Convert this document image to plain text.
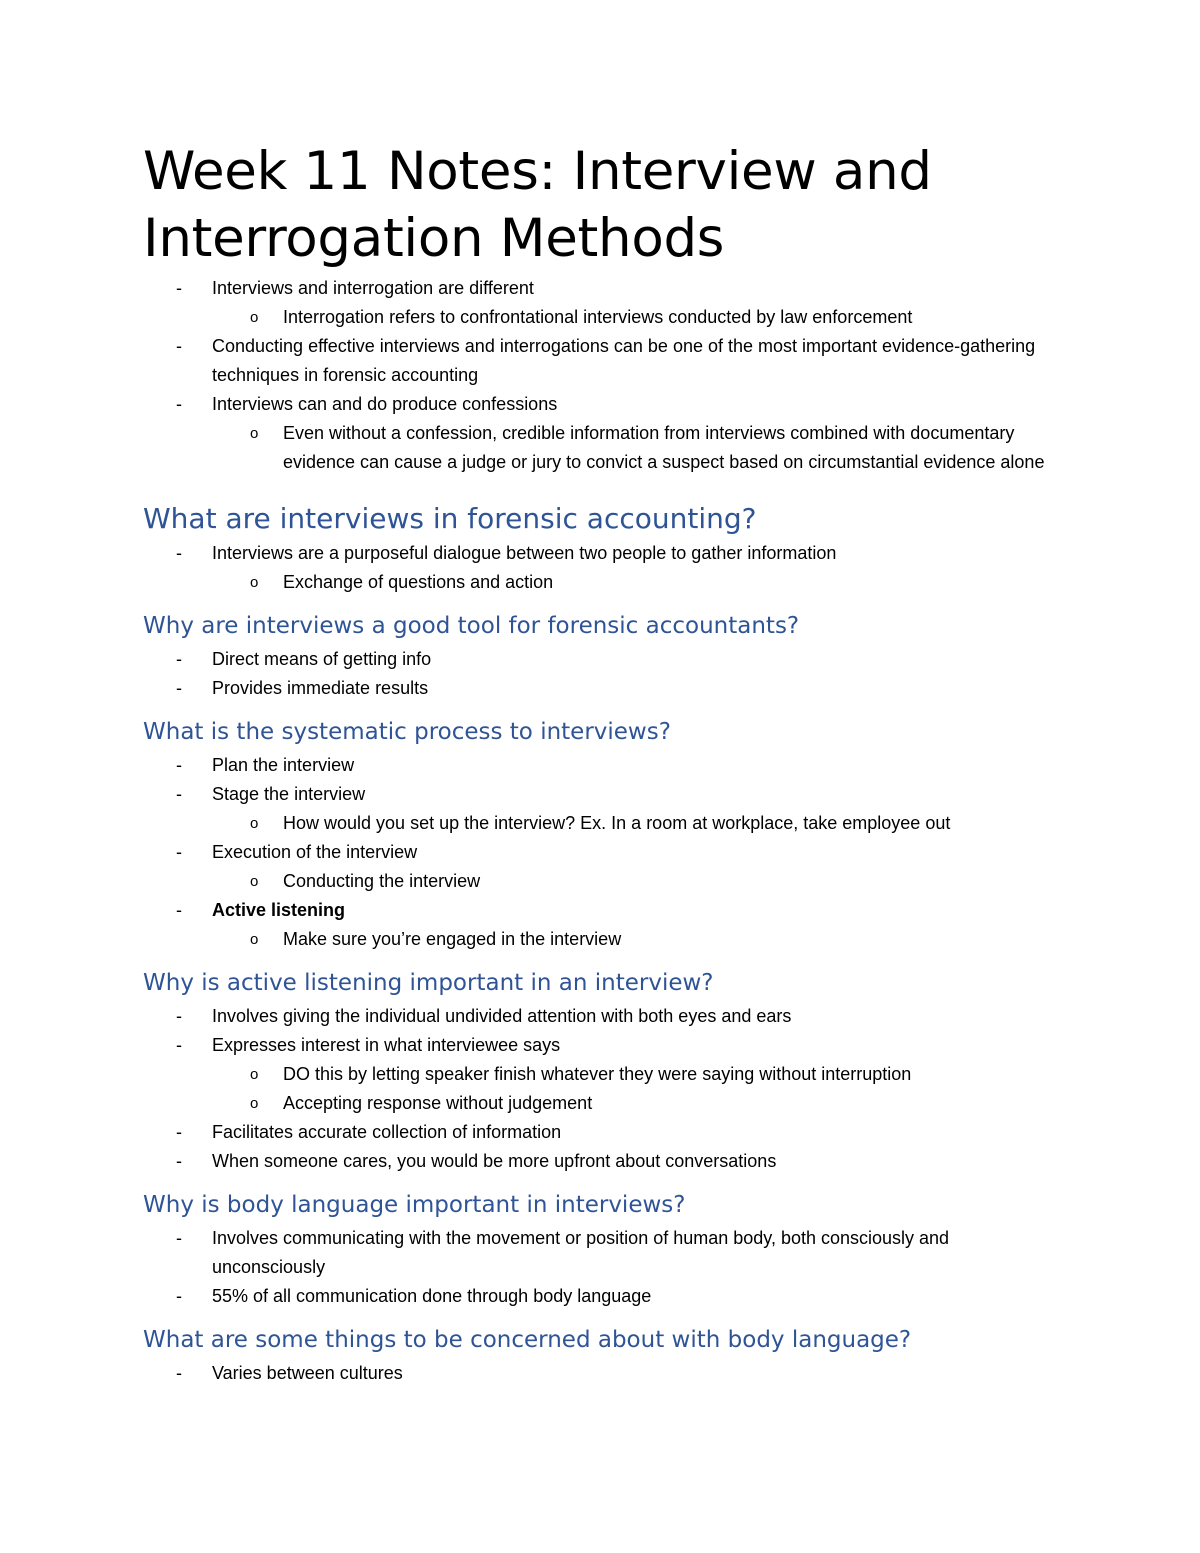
Week 11 Notes: Interview and Interrogation Methods
- Interviews and interrogation are different
o Interrogation refers to confrontational interviews conducted by law enforcement
- Conducting effective interviews and interrogations can be one of the most important evidence-gathering techniques in forensic accounting
- Interviews can and do produce confessions
o Even without a confession, credible information from interviews combined with documentary evidence can cause a judge or jury to convict a suspect based on circumstantial evidence alone
What are interviews in forensic accounting?
- Interviews are a purposeful dialogue between two people to gather information
o Exchange of questions and action
Why are interviews a good tool for forensic accountants?
- Direct means of getting info
- Provides immediate results
What is the systematic process to interviews?
- Plan the interview
- Stage the interview
o How would you set up the interview? Ex. In a room at workplace, take employee out
- Execution of the interview
o Conducting the interview
- Active listening
o Make sure you’re engaged in the interview
Why is active listening important in an interview?
- Involves giving the individual undivided attention with both eyes and ears
- Expresses interest in what interviewee says
o DO this by letting speaker finish whatever they were saying without interruption
o Accepting response without judgement
- Facilitates accurate collection of information
- When someone cares, you would be more upfront about conversations
Why is body language important in interviews?
- Involves communicating with the movement or position of human body, both consciously and unconsciously
- 55% of all communication done through body language
What are some things to be concerned about with body language?
- Varies between cultures
